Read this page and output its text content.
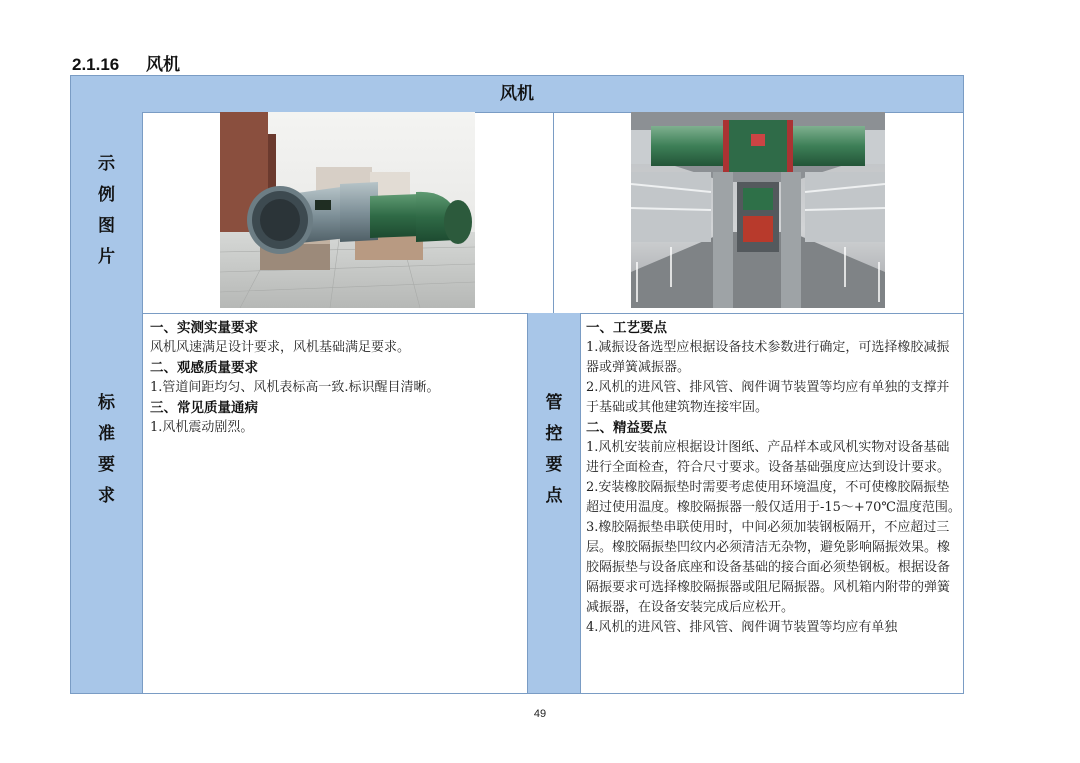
2.1.16 风机
风机
示
例
图
片
标
准
要
求

一、实测实量要求

风机风速满足设计要求，风机基础满足要求。

二、观感质量要求

1.管道间距均匀、风机表标高一致.标识醒目清晰。

三、常见质量通病

1.风机震动剧烈。

管
控
要
点

一、工艺要点

1.减振设备选型应根据设备技术参数进行确定，可选择橡胶减振器或弹簧减振器。

2.风机的进风管、排风管、阀件调节装置等均应有单独的支撑并于基础或其他建筑物连接牢固。

二、精益要点

1.风机安装前应根据设计图纸、产品样本或风机实物对设备基础进行全面检查，符合尺寸要求。设备基础强度应达到设计要求。

2.安装橡胶隔振垫时需要考虑使用环境温度，不可使橡胶隔振垫超过使用温度。橡胶隔振器一般仅适用于-15～+70℃温度范围。

3.橡胶隔振垫串联使用时，中间必须加装钢板隔开，不应超过三层。橡胶隔振垫凹纹内必须清洁无杂物，避免影响隔振效果。橡胶隔振垫与设备底座和设备基础的接合面必须垫钢板。根据设备隔振要求可选择橡胶隔振器或阻尼隔振器。风机箱内附带的弹簧减振器，在设备安装完成后应松开。

4.风机的进风管、排风管、阀件调节装置等均应有单独

49
